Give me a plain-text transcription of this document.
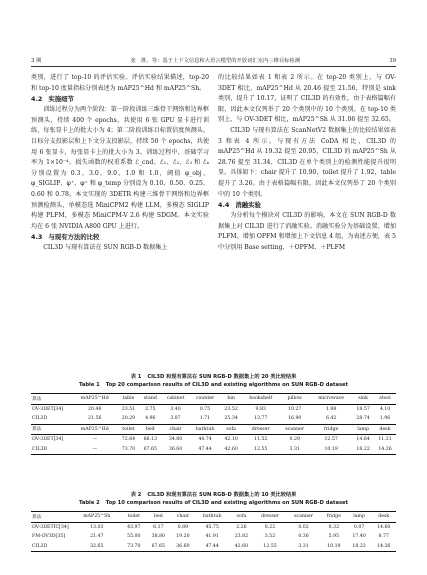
3 期	张　胜，等：基于上下文信息和大语言模型的开放词汇室内三维目标检测	39

类别，进行了 top-10 的评估实验。评估实验结果描述，top-20 和 top-10 度量指标分别表述为 mAP25^Hd 和 mAP25^Sh。

4.2 实施细节

训练过程分为两个阶段：第一阶段训练三维骨干网络和边界框预测头，持续 400 个 epochs，共使用 6 张 GPU 显卡进行训练，每张显卡上的批大小为 4；第二阶段训练目标置信度预测头、目标分支投影层和上下文分支投影层，持续 50 个 epochs，共使用 6 张显卡，每张显卡上的批大小为 3。训练过程中，基础学习率为 1×10⁻⁴。损失函数的权重系数 ℰ_cnd、ℰ₁、ℰ₂、ℰ₃ 和 ℰ₄ 分别设置为 0.3、3.0、9.0、1.0 和 1.0，阈值 φ_obj、φ_SIGLIP、φ⁺、φ⁼ 和 φ_temp 分别设为 0.10、0.50、0.25、0.60 和 0.78。本文实现的 3DETR 构建三维骨干网络和边界框预测检测头，单模态选 MiniCPM2 构建 LLM，多模态 SIGLIP 构建 PLFM，多模态 MiniCPM-V 2.6 构建 SDGM。本文实验均在 6 张 NVIDIA A800 GPU 上进行。

4.3 与现有方法的比较

CIL3D 与现有算法在 SUN RGB-D 数据集上

的比较结果如表 1 和表 2 所示。在 top-20 类别上，与 OV-3DET 相比，mAP25^Hd 从 20.46 提至 21.56，特别是 sink 类别，提升了 10.17，证明了 CIL3D 的有效性，由于表格篇幅有限，因此本文仅列举了 20 个类别中的 10 个类别。在 top-10 类别上，与 OV-3DET 相比，mAP25^Sh 从 31.06 提至 32.65。

CIL3D 与现有算法在 ScanNetV2 数据集上的比较结果如表 3 和表 4 所示。与现有方法 CoDA 相比，CIL3D 的 mAP25^Hd 从 19.32 提至 20.95，CIL3D 的 mAP25^Sh 从 28.76 提至 31.34，CIL3D 在单个类别上的检测性能提升很明显，具体如下：chair 提升了 10.90，toilet 提升了 1.92，table 提升了 3.26。由于表格篇幅有限，因此本文仅列举了 20 个类别中的 10 个类别。

4.4 消融实验

为分析每个模块对 CIL3D 的影响，本文在 SUN RGB-D 数据集上对 CIL3D 进行了消融实验。消融实验分为基础设置、增加 PLFM、增加 OPFM 和增加上下文信息 4 组，为表述方便，表 5 中分别用 Base setting、＋OPFM、＋PLFM

表 1 CIL3D 和现有算法在 SUN RGB-D 数据集上的 20 类比较结果
Table 1 Top 20 comparison results of CIL3D and existing algorithms on SUN RGB-D dataset
算法	mAP25^Hd	table	stand	cabinet	counter	bin	bookshelf	pillow	microwave	sink	stool
OV-3DET[34]	20.46	23.51	2.75	3.40	0.75	23.52	9.83	10.27	1.98	18.57	4.10
CIL3D	21.56	20.29	4.96	3.87	1.71	25.34	13.77	16.90	6.42	28.74	1.96
算法	mAP25^Hd	toilet	bed	chair	bathtub	sofa	dresser	scanner	fridge	lamp	desk
OV-3DET[34]	—	72.64	66.13	34.80	44.74	42.10	11.52	0.29	12.57	14.64	11.21
CIL3D	—	73.70	67.65	36.60	47.44	42.60	12.55	3.31	10.19	18.22	14.26
表 2 CIL3D 和现有算法在 SUN RGB-D 数据集上的 10 类比较结果
Table 2 Top 10 comparison results of CIL3D and existing algorithms on SUN RGB-D dataset
算法	mAP25^Sh	toilet	bed	chair	bathtub	sofa	dresser	scanner	fridge	lamp	desk
OV-3DETIC[34]	13.03	43.97	6.17	0.89	45.75	2.26	8.22	0.02	8.32	0.07	14.60
FM-OV3D[35]	21.47	55.00	38.80	19.20	41.91	23.82	3.52	0.36	5.95	17.40	8.77
CIL3D	32.65	73.70	67.65	36.60	47.44	42.60	12.55	3.31	10.19	18.22	14.26
